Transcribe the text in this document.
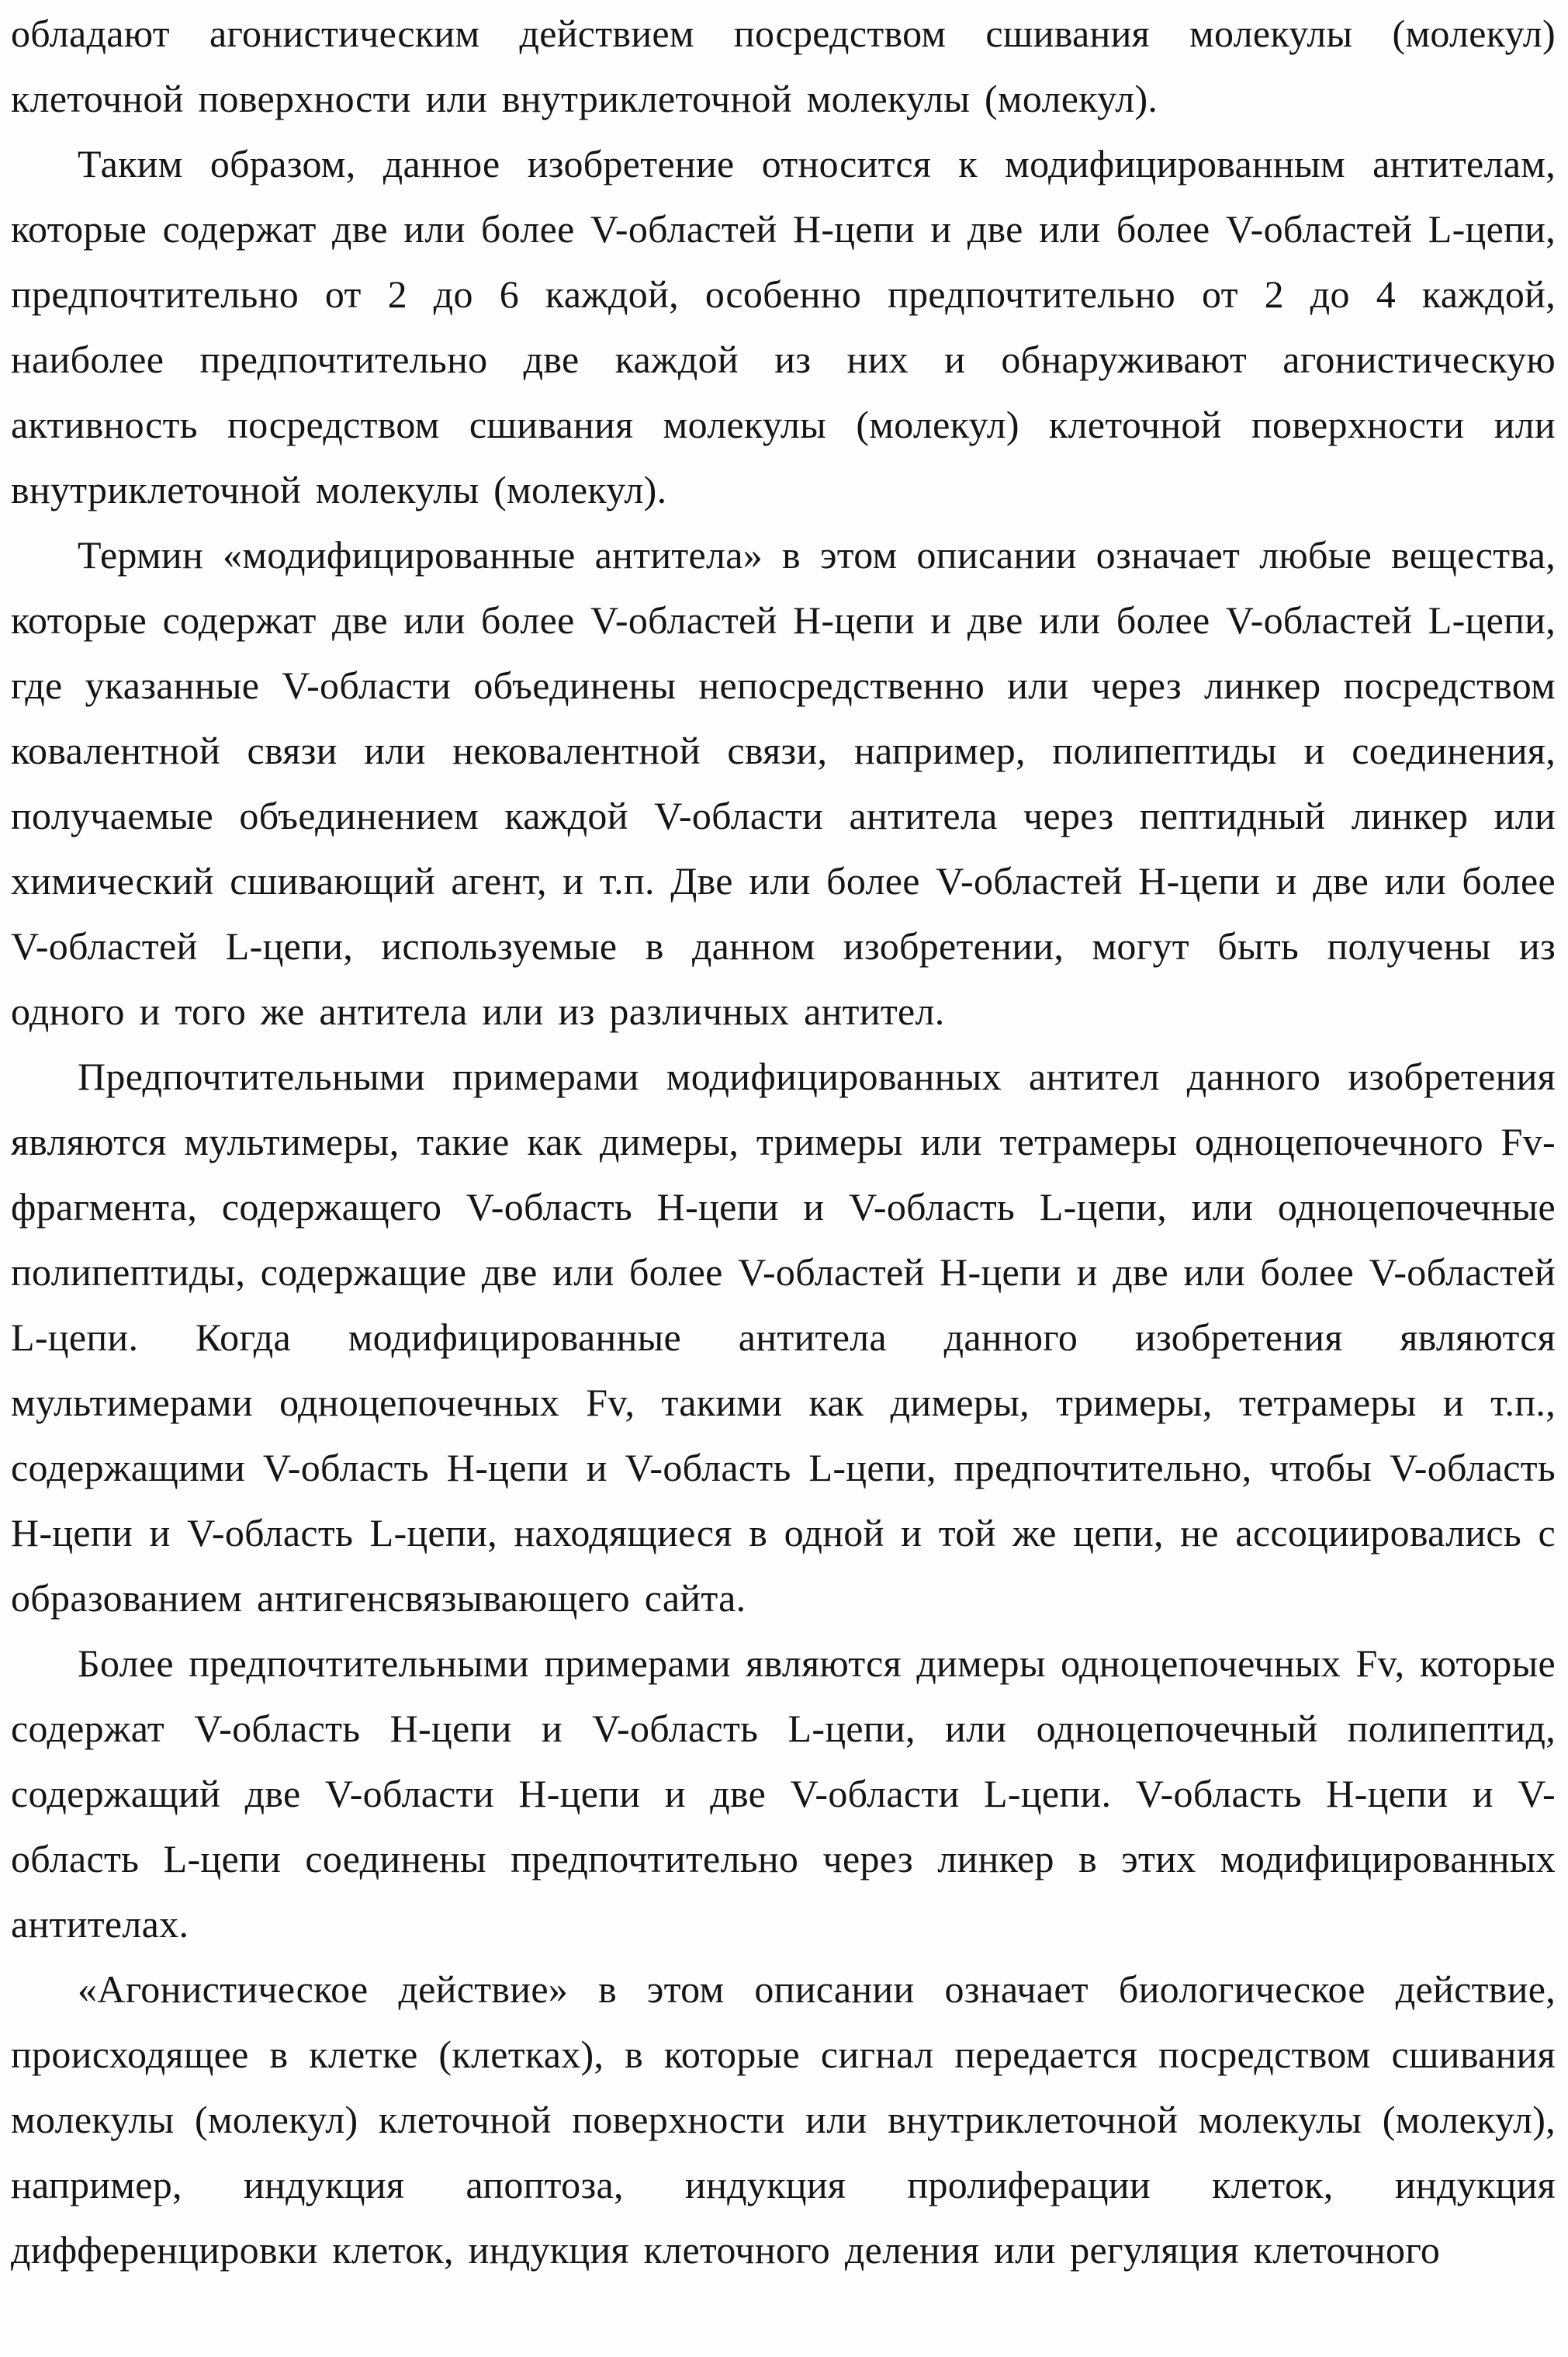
обладают агонистическим действием посредством сшивания молекулы (молекул) клеточной поверхности или внутриклеточной молекулы (молекул).

Таким образом, данное изобретение относится к модифицированным антителам, которые содержат две или более V-областей H-цепи и две или более V-областей L-цепи, предпочтительно от 2 до 6 каждой, особенно предпочтительно от 2 до 4 каждой, наиболее предпочтительно две каждой из них и обнаруживают агонистическую активность посредством сшивания молекулы (молекул) клеточной поверхности или внутриклеточной молекулы (молекул).

Термин «модифицированные антитела» в этом описании означает любые вещества, которые содержат две или более V-областей H-цепи и две или более V-областей L-цепи, где указанные V-области объединены непосредственно или через линкер посредством ковалентной связи или нековалентной связи, например, полипептиды и соединения, получаемые объединением каждой V-области антитела через пептидный линкер или химический сшивающий агент, и т.п. Две или более V-областей H-цепи и две или более V-областей L-цепи, используемые в данном изобретении, могут быть получены из одного и того же антитела или из различных антител.

Предпочтительными примерами модифицированных антител данного изобретения являются мультимеры, такие как димеры, тримеры или тетрамеры одноцепочечного Fv-фрагмента, содержащего V-область H-цепи и V-область L-цепи, или одноцепочечные полипептиды, содержащие две или более V-областей H-цепи и две или более V-областей L-цепи. Когда модифицированные антитела данного изобретения являются мультимерами одноцепочечных Fv, такими как димеры, тримеры, тетрамеры и т.п., содержащими V-область H-цепи и V-область L-цепи, предпочтительно, чтобы V-область H-цепи и V-область L-цепи, находящиеся в одной и той же цепи, не ассоциировались с образованием антигенсвязывающего сайта.

Более предпочтительными примерами являются димеры одноцепочечных Fv, которые содержат V-область H-цепи и V-область L-цепи, или одноцепочечный полипептид, содержащий две V-области H-цепи и две V-области L-цепи. V-область H-цепи и V-область L-цепи соединены предпочтительно через линкер в этих модифицированных антителах.

«Агонистическое действие» в этом описании означает биологическое действие, происходящее в клетке (клетках), в которые сигнал передается посредством сшивания молекулы (молекул) клеточной поверхности или внутриклеточной молекулы (молекул), например, индукция апоптоза, индукция пролиферации клеток, индукция дифференцировки клеток, индукция клеточного деления или регуляция клеточного
